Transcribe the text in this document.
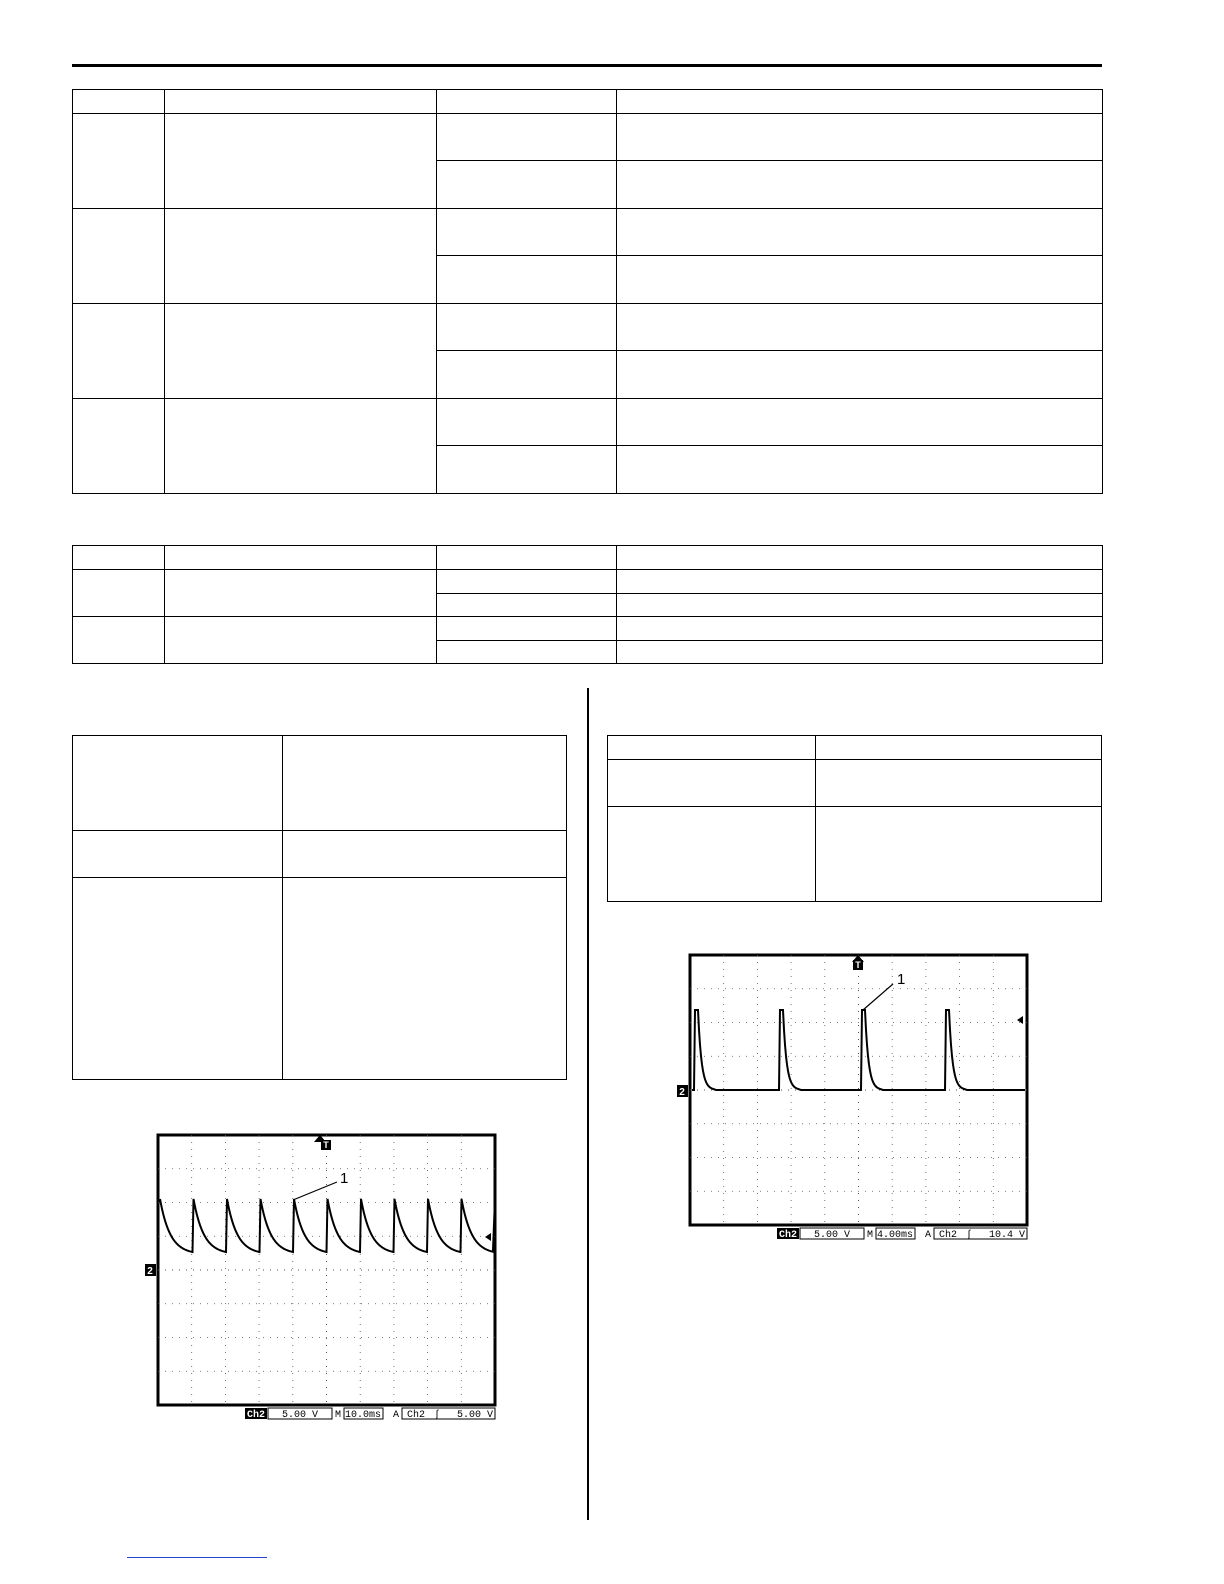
T
1
2
Ch2 5.00 V M 10.0ms A Ch2 ∫ 5.00 V
T
1
2
Ch2 5.00 V M 4.00ms A Ch2 ∫ 10.4 V
